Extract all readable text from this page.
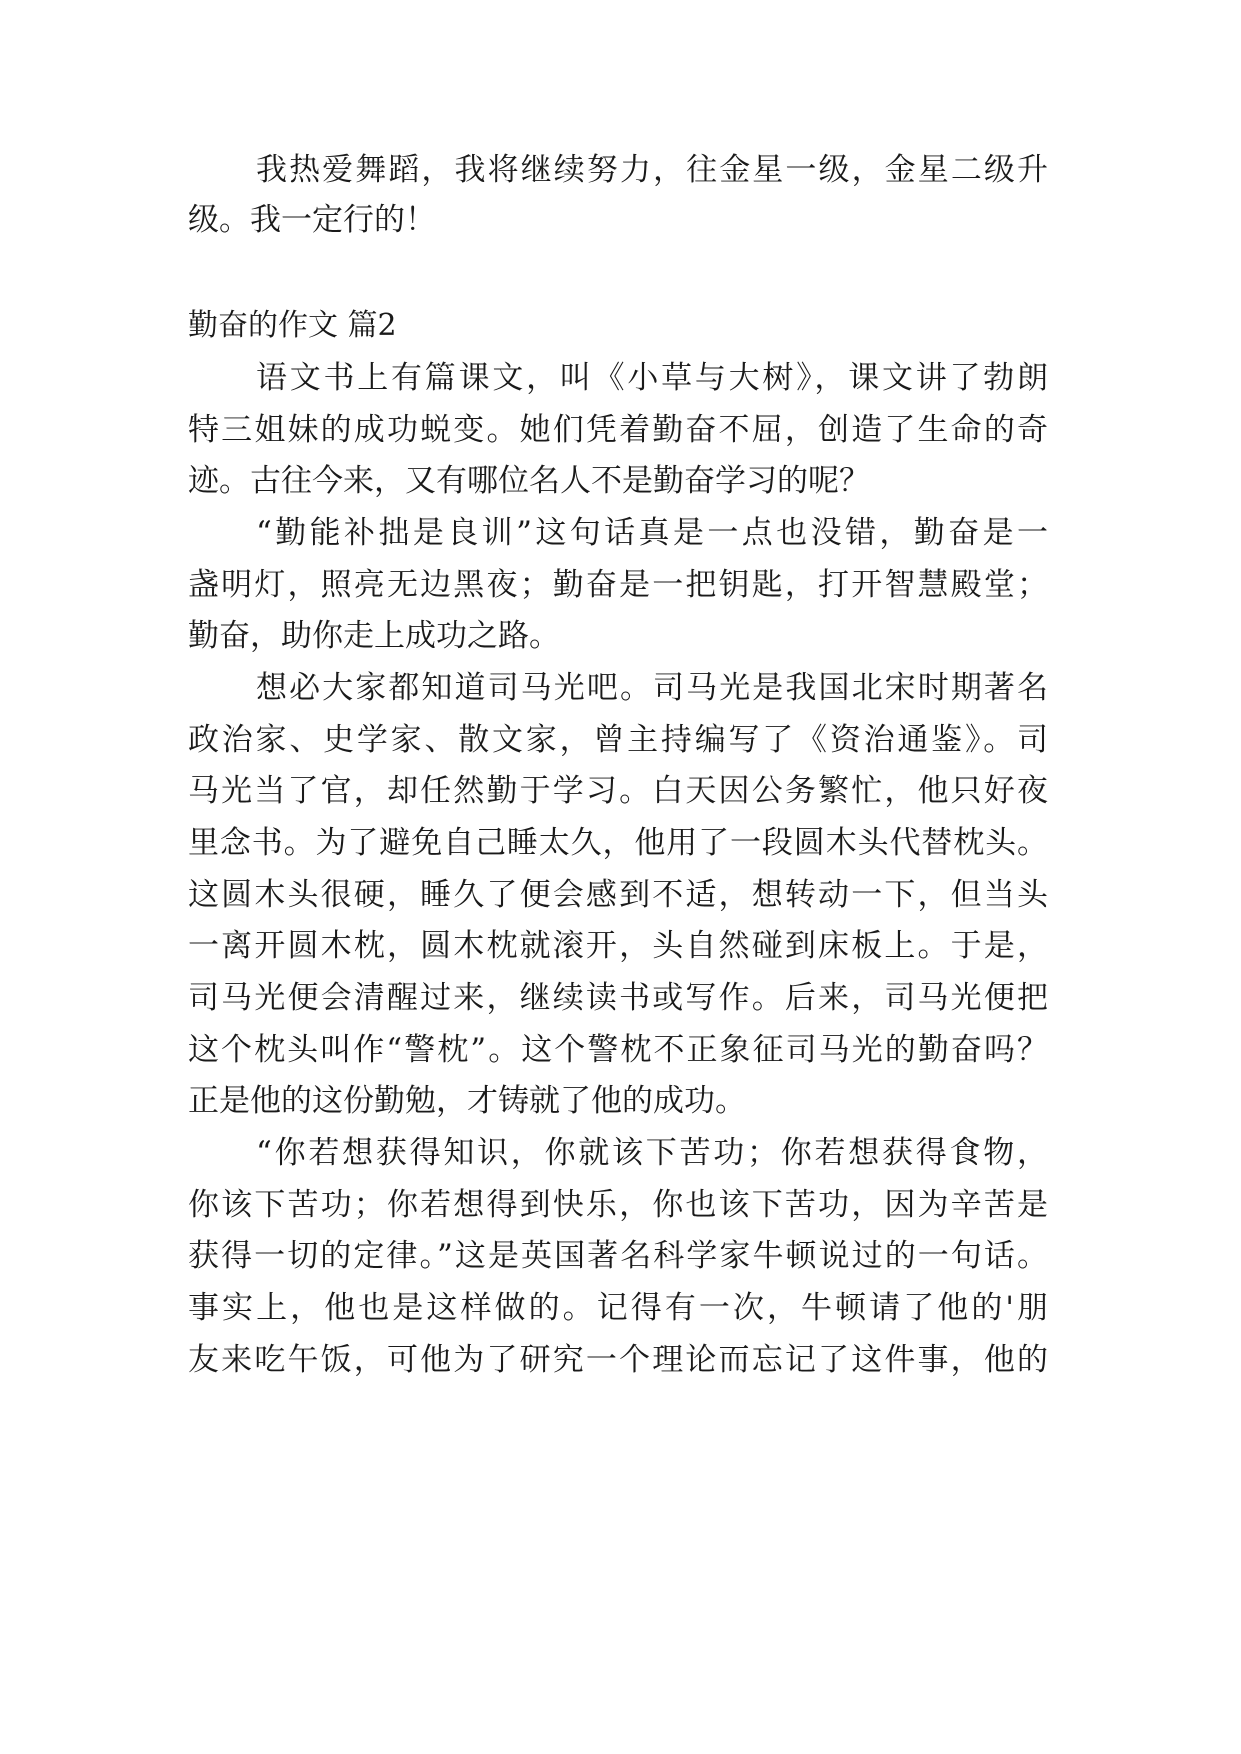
我热爱舞蹈，我将继续努力，往金星一级，金星二级升
级。我一定行的！
勤奋的作文 篇2
语文书上有篇课文，叫《小草与大树》，课文讲了勃朗
特三姐妹的成功蜕变。她们凭着勤奋不屈，创造了生命的奇
迹。古往今来，又有哪位名人不是勤奋学习的呢？
“勤能补拙是良训”这句话真是一点也没错，勤奋是一
盏明灯，照亮无边黑夜；勤奋是一把钥匙，打开智慧殿堂；
勤奋，助你走上成功之路。
想必大家都知道司马光吧。司马光是我国北宋时期著名
政治家、史学家、散文家，曾主持编写了《资治通鉴》。司
马光当了官，却任然勤于学习。白天因公务繁忙，他只好夜
里念书。为了避免自己睡太久，他用了一段圆木头代替枕头。
这圆木头很硬，睡久了便会感到不适，想转动一下，但当头
一离开圆木枕，圆木枕就滚开，头自然碰到床板上。于是，
司马光便会清醒过来，继续读书或写作。后来，司马光便把
这个枕头叫作“警枕”。这个警枕不正象征司马光的勤奋吗？
正是他的这份勤勉，才铸就了他的成功。
“你若想获得知识，你就该下苦功；你若想获得食物，
你该下苦功；你若想得到快乐，你也该下苦功，因为辛苦是
获得一切的定律。”这是英国著名科学家牛顿说过的一句话。
事实上，他也是这样做的。记得有一次，牛顿请了他的'朋
友来吃午饭，可他为了研究一个理论而忘记了这件事，他的
